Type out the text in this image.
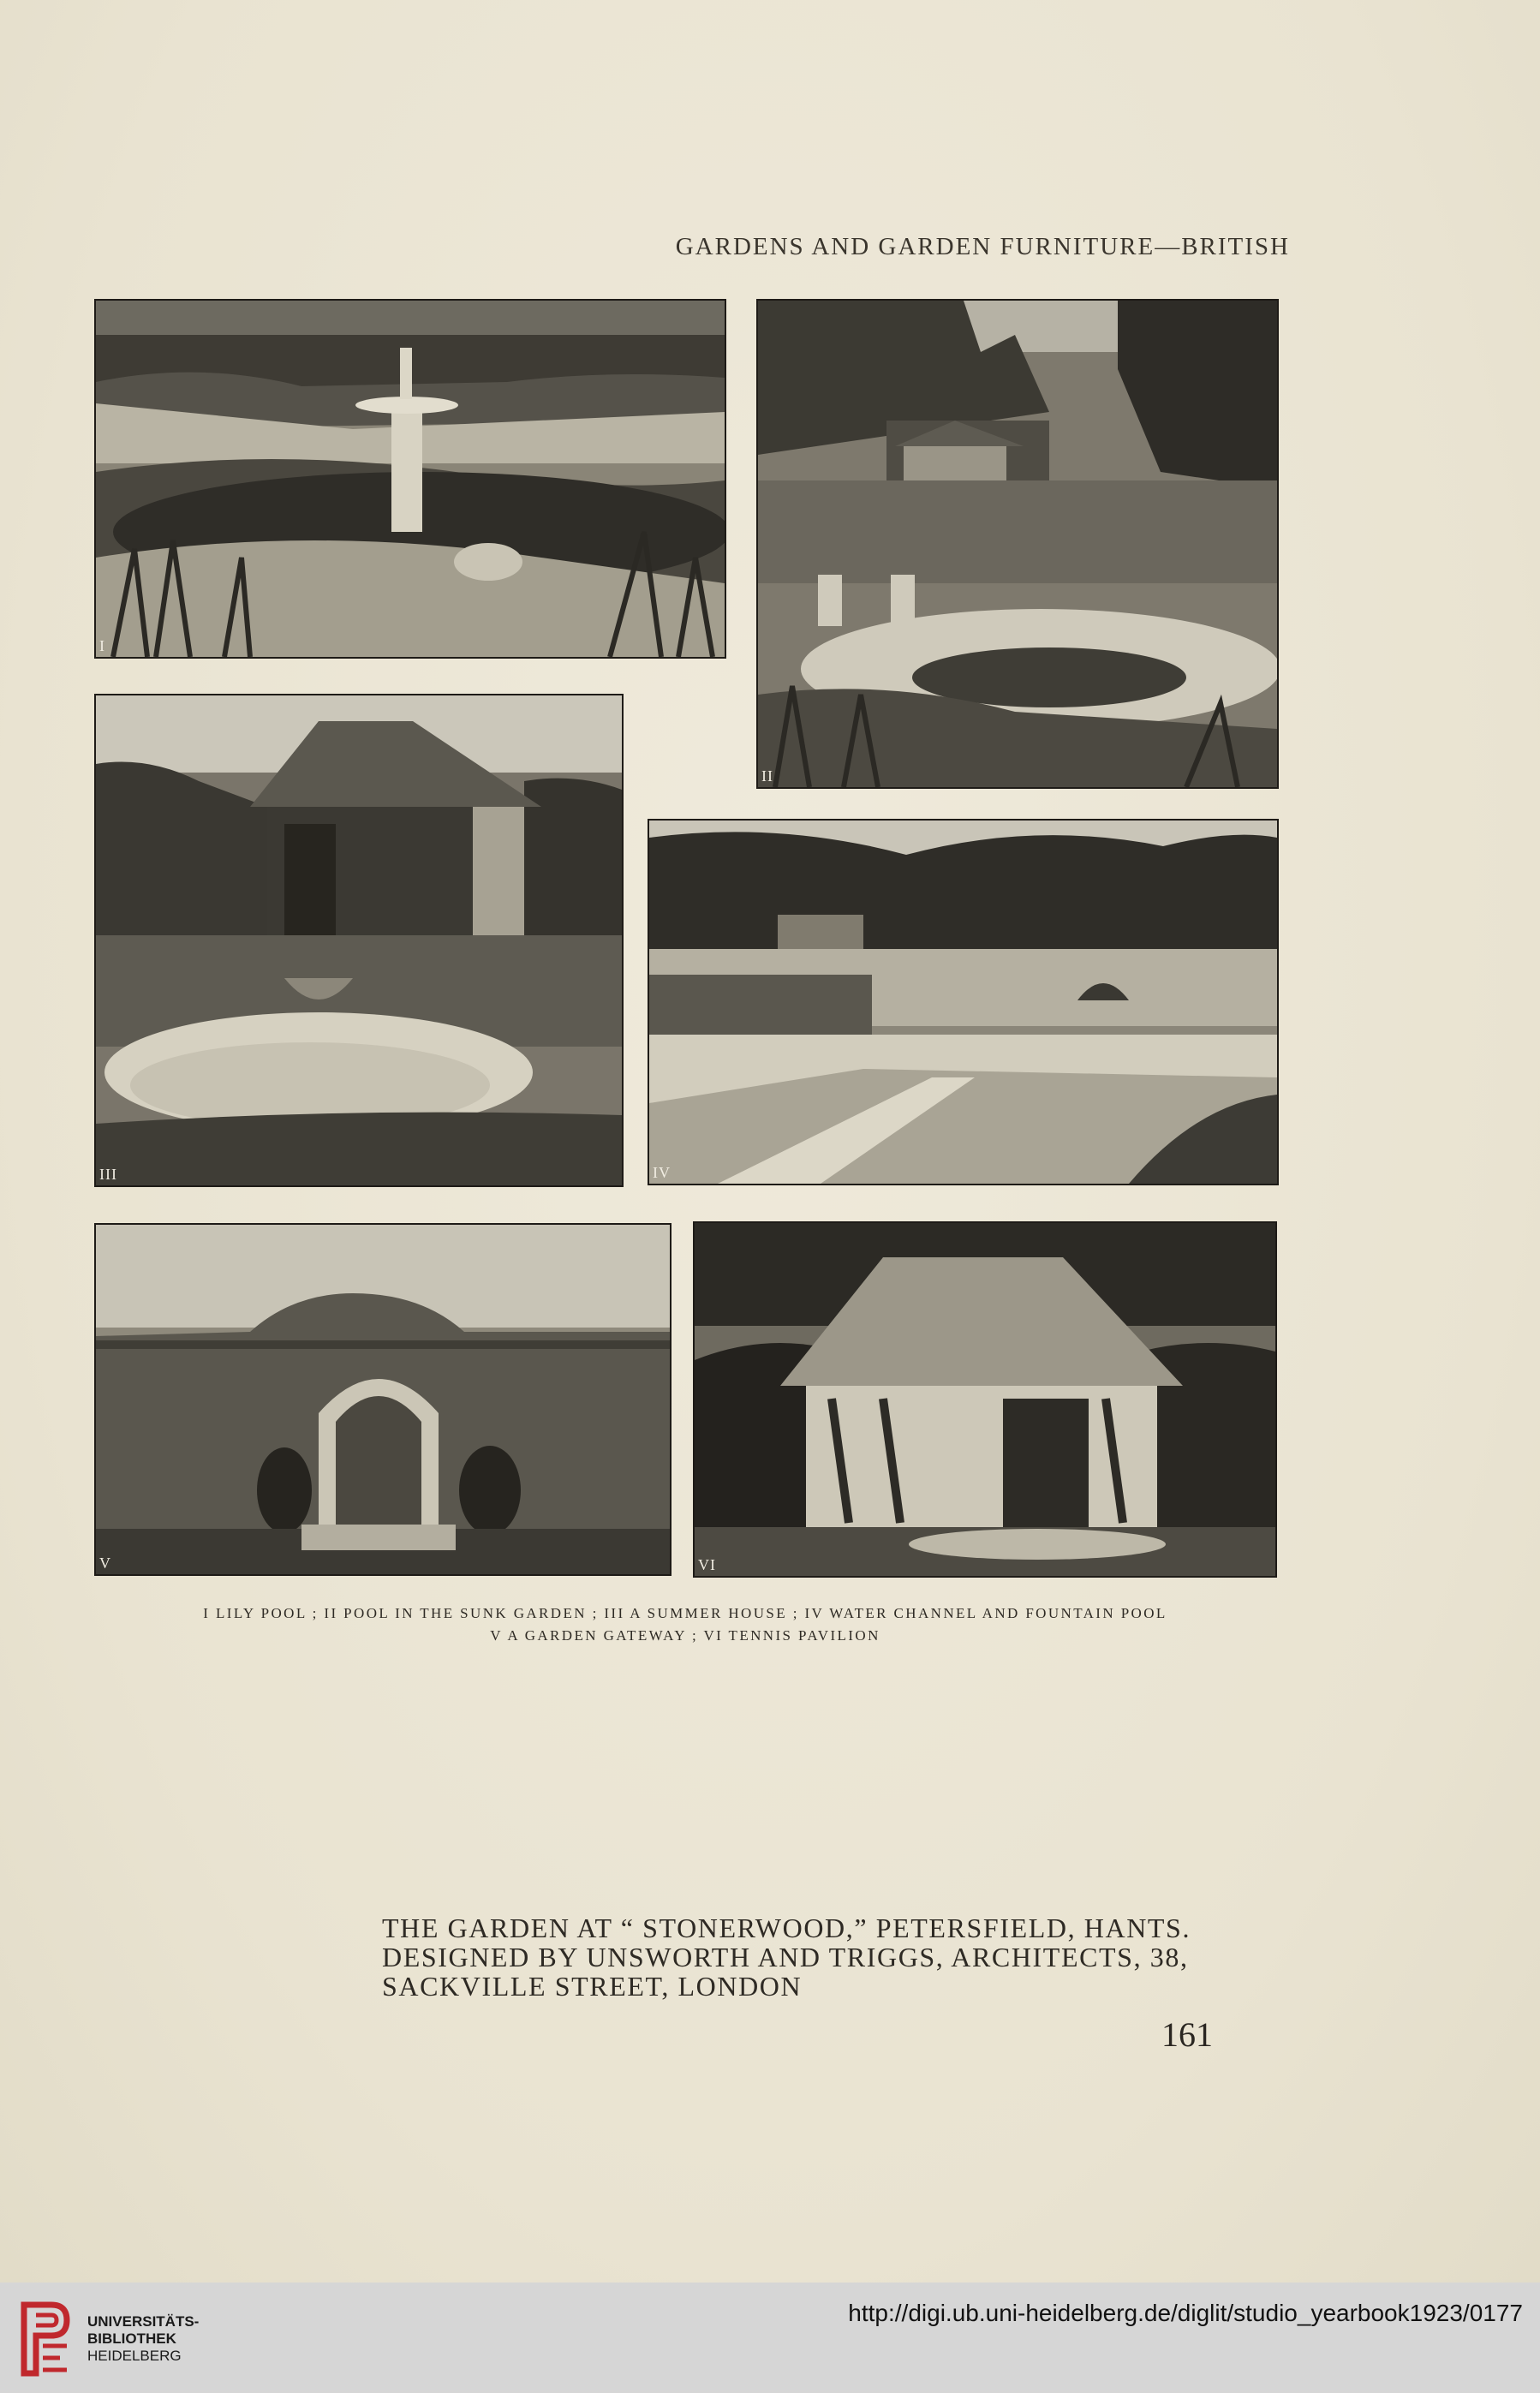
GARDENS AND GARDEN FURNITURE—BRITISH
I
II
III	IV
V	VI
I LILY POOL ; II POOL IN THE SUNK GARDEN ; III A SUMMER HOUSE ; IV WATER CHANNEL AND FOUNTAIN POOL
V A GARDEN GATEWAY ; VI TENNIS PAVILION
THE GARDEN AT “ STONERWOOD,” PETERSFIELD, HANTS.
DESIGNED BY UNSWORTH AND TRIGGS, ARCHITECTS, 38,
SACKVILLE STREET, LONDON
161
UNIVERSITÄTS-
BIBLIOTHEK
HEIDELBERG
http://digi.ub.uni-heidelberg.de/diglit/studio_yearbook1923/0177
